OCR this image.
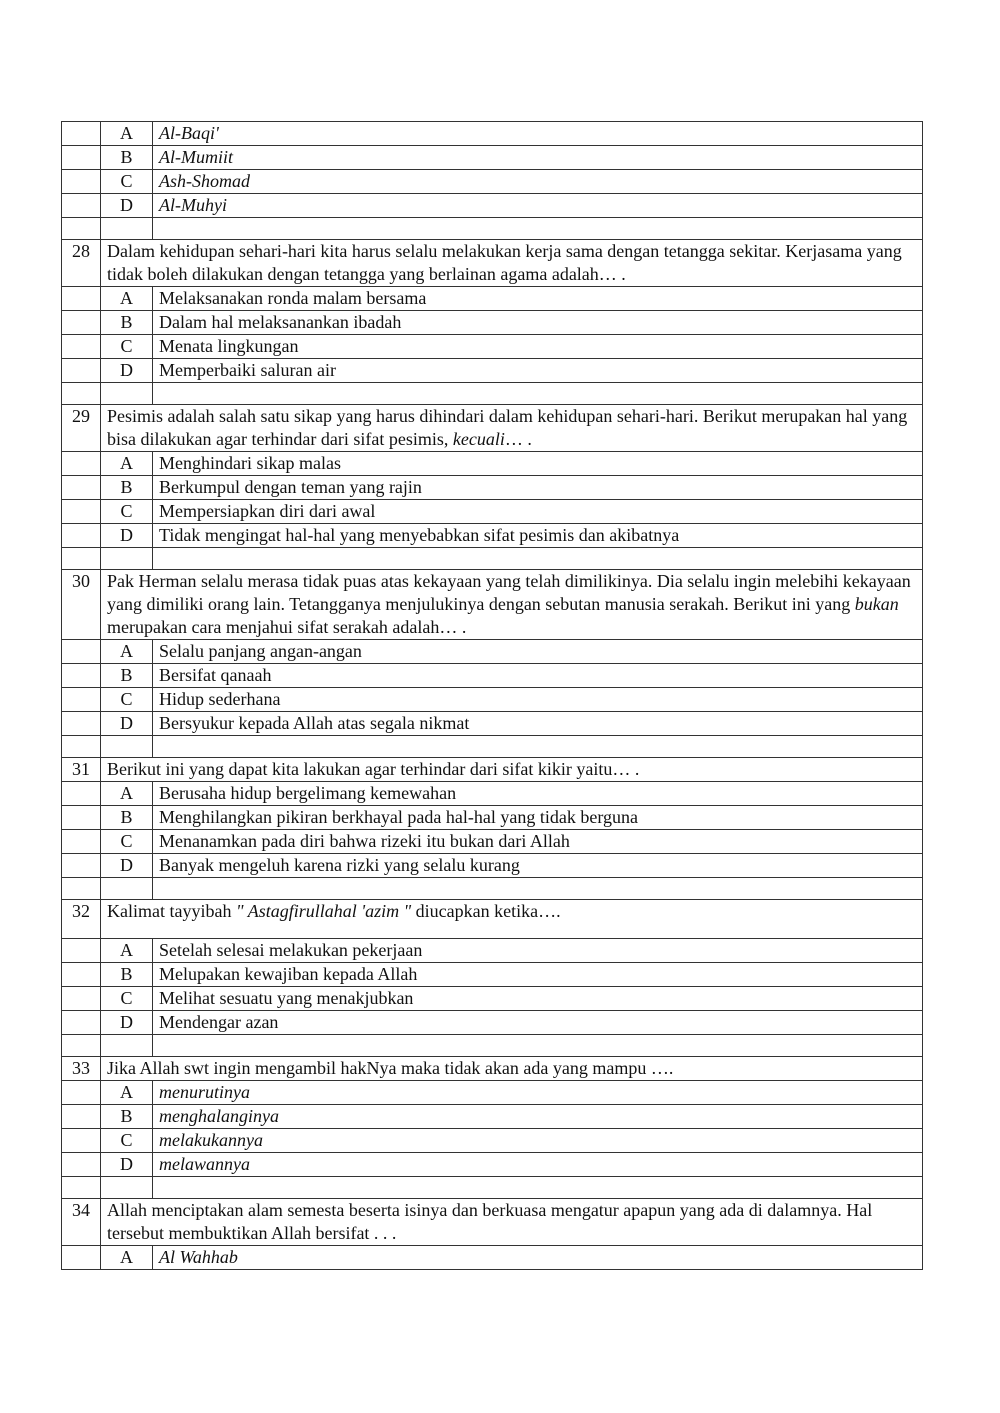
	A	Al-Baqi'
	B	Al-Mumiit
	C	Ash-Shomad
	D	Al-Muhyi

28	Dalam kehidupan sehari-hari kita harus selalu melakukan kerja sama dengan tetangga sekitar. Kerjasama yang tidak boleh dilakukan dengan tetangga yang berlainan agama adalah… .	
	A	Melaksanakan ronda malam bersama
	B	Dalam hal melaksanankan ibadah
	C	Menata lingkungan
	D	Memperbaiki saluran air

29	Pesimis adalah salah satu sikap yang harus dihindari dalam kehidupan sehari-hari. Berikut merupakan hal yang bisa dilakukan agar terhindar dari sifat pesimis, kecuali… .	
	A	Menghindari sikap malas
	B	Berkumpul dengan teman yang rajin
	C	Mempersiapkan diri dari awal
	D	Tidak mengingat hal-hal yang menyebabkan sifat pesimis dan akibatnya

30	Pak Herman selalu merasa tidak puas atas kekayaan yang telah dimilikinya. Dia selalu ingin melebihi kekayaan yang dimiliki orang lain. Tetangganya menjulukinya dengan sebutan manusia serakah. Berikut ini yang bukan merupakan cara menjahui sifat serakah adalah… .	
	A	Selalu panjang angan-angan
	B	Bersifat qanaah
	C	Hidup sederhana
	D	Bersyukur kepada Allah atas segala nikmat

31	Berikut ini yang dapat kita lakukan agar terhindar dari sifat kikir yaitu… .	
	A	Berusaha hidup bergelimang kemewahan
	B	Menghilangkan pikiran berkhayal pada hal-hal yang tidak berguna
	C	Menanamkan pada diri bahwa rizeki itu bukan dari Allah
	D	Banyak mengeluh karena rizki yang selalu kurang

32	Kalimat tayyibah " Astagfirullahal 'azim " diucapkan ketika….	
	A	Setelah selesai melakukan pekerjaan
	B	Melupakan kewajiban kepada Allah
	C	Melihat sesuatu yang menakjubkan
	D	Mendengar azan

33	Jika Allah swt ingin mengambil hakNya maka tidak akan ada yang mampu ….	
	A	menurutinya
	B	menghalanginya
	C	melakukannya
	D	melawannya

34	Allah menciptakan alam semesta beserta isinya dan berkuasa mengatur apapun yang ada di dalamnya. Hal tersebut membuktikan Allah bersifat . . .	
	A	Al Wahhab
